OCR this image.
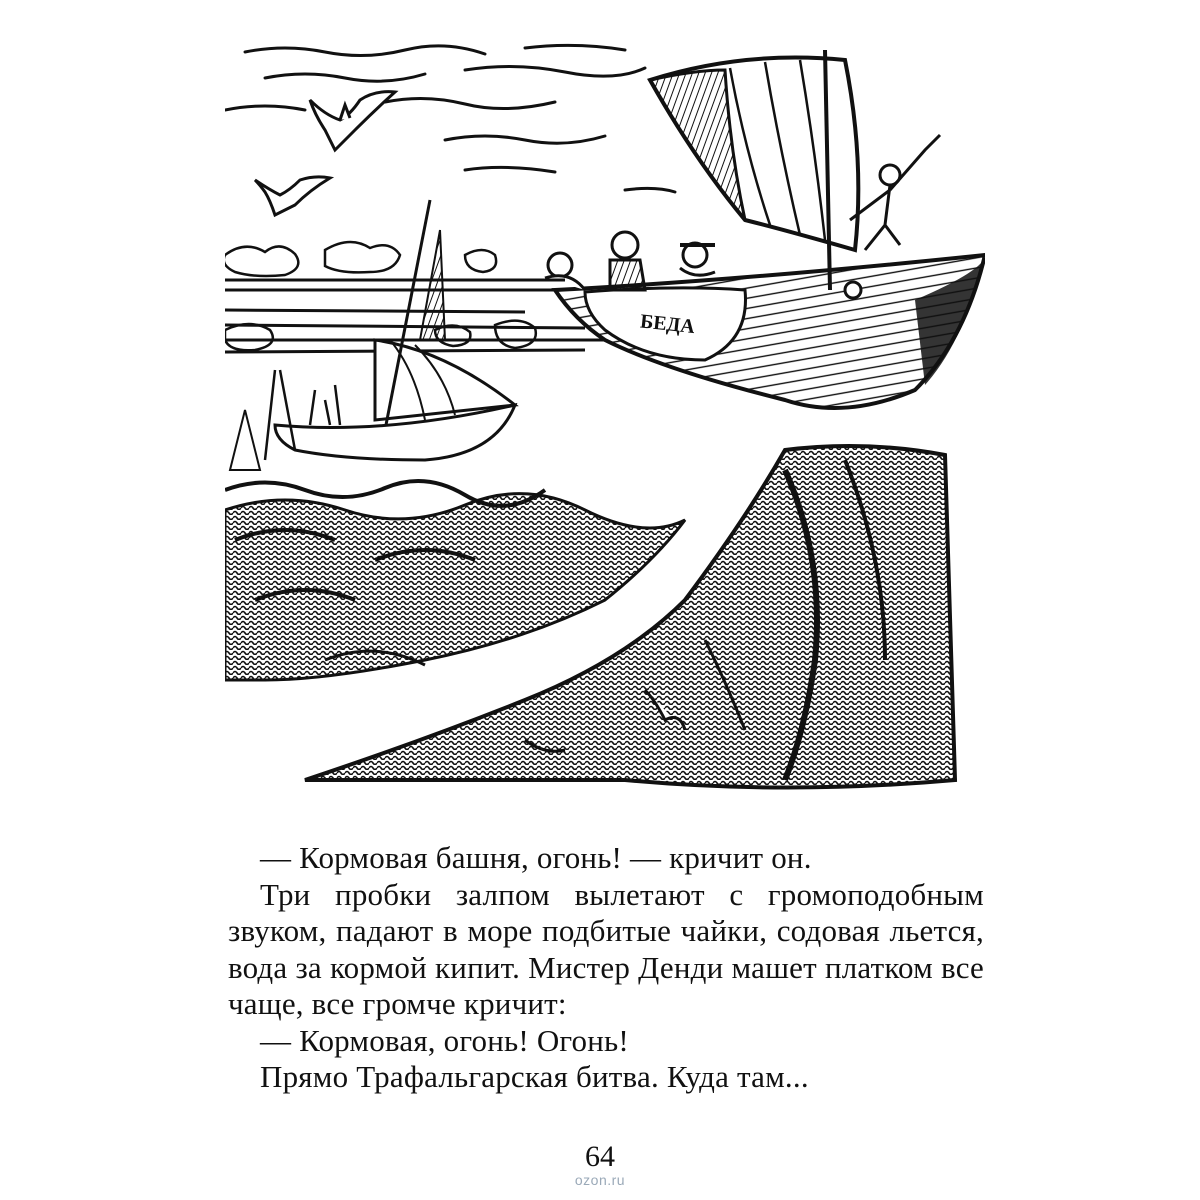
БЕДА

— Кормовая башня, огонь! — кричит он.

Три пробки залпом вылетают с громоподобным звуком, падают в море подбитые чайки, содовая льется, вода за кормой кипит. Мистер Денди машет платком все чаще, все громче кричит:

— Кормовая, огонь! Огонь!

Прямо Трафальгарская битва. Куда там...

64
ozon.ru
